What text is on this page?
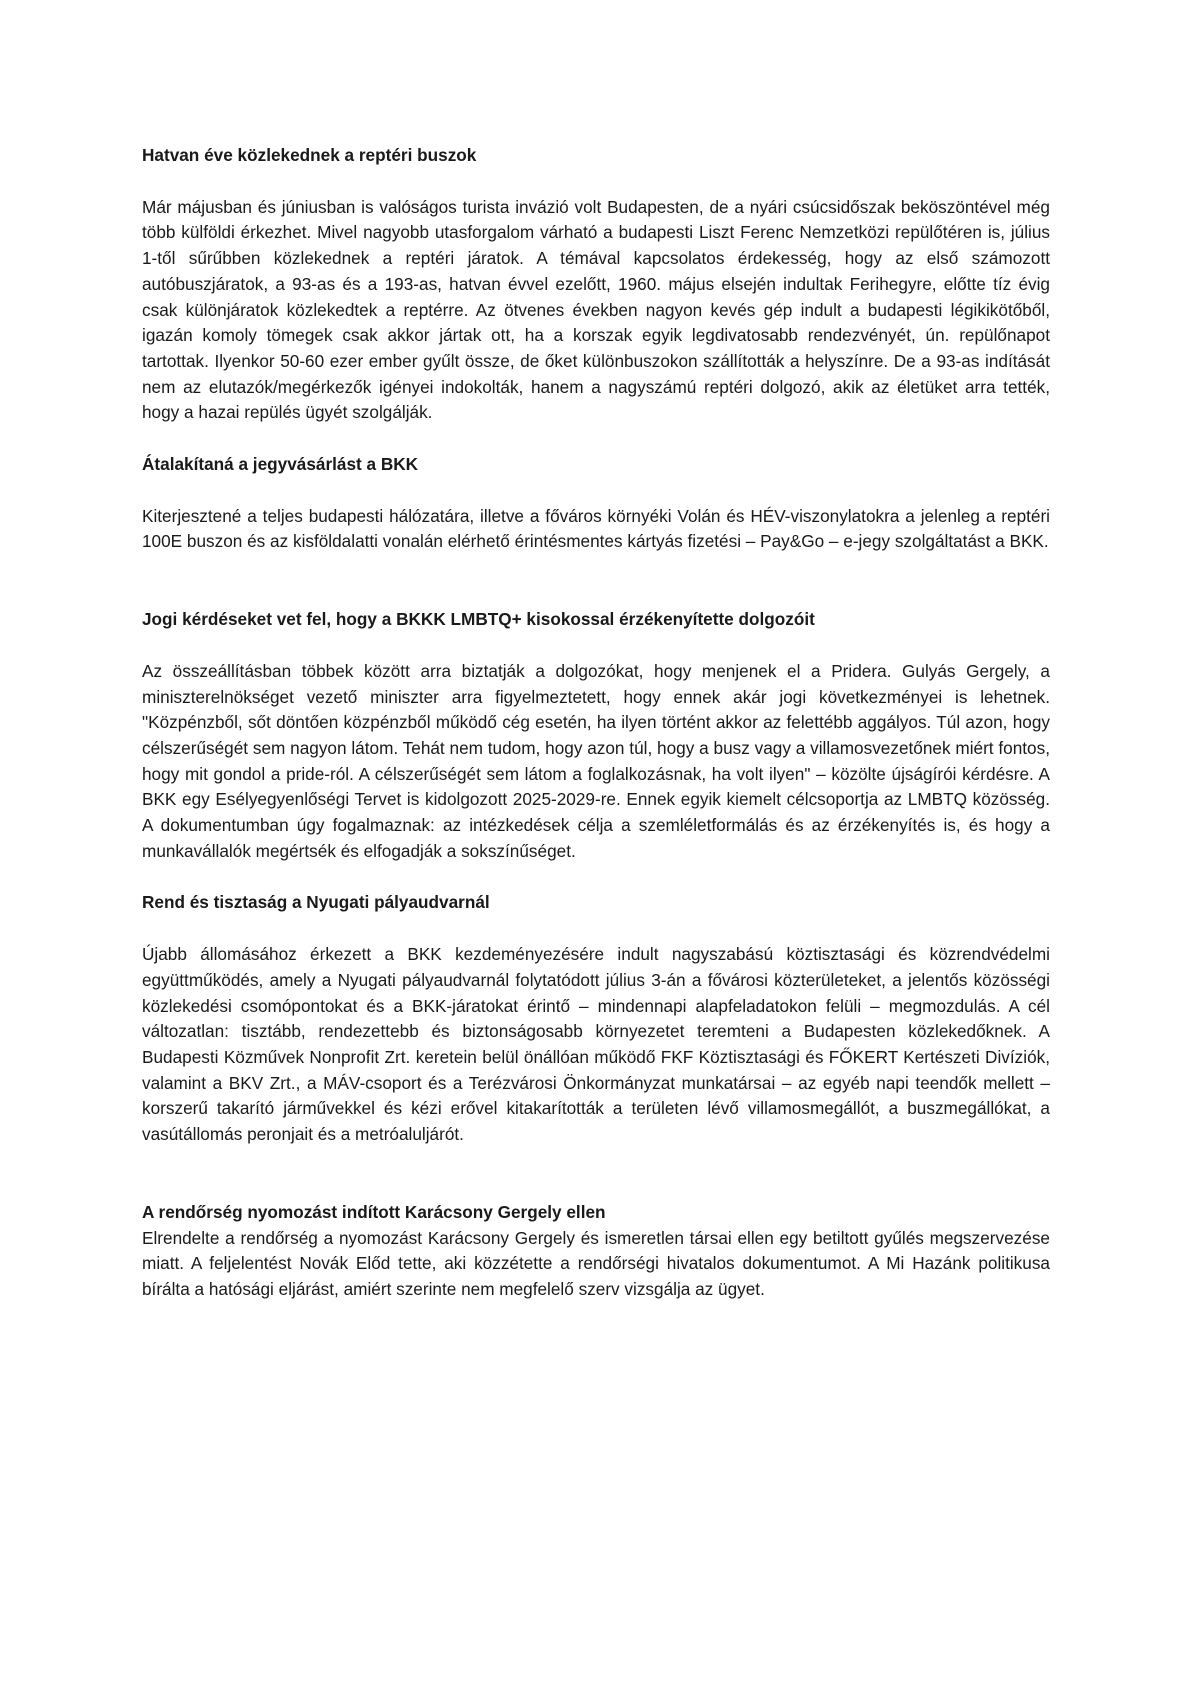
Hatvan éve közlekednek a reptéri buszok

Már májusban és júniusban is valóságos turista invázió volt Budapesten, de a nyári csúcsidőszak beköszöntével még több külföldi érkezhet. Mivel nagyobb utasforgalom várható a budapesti Liszt Ferenc Nemzetközi repülőtéren is, július 1-től sűrűbben közlekednek a reptéri járatok. A témával kapcsolatos érdekesség, hogy az első számozott autóbuszjáratok, a 93-as és a 193-as, hatvan évvel ezelőtt, 1960. május elsején indultak Ferihegyre, előtte tíz évig csak különjáratok közlekedtek a reptérre. Az ötvenes években nagyon kevés gép indult a budapesti légikikötőből, igazán komoly tömegek csak akkor jártak ott, ha a korszak egyik legdivatosabb rendezvényét, ún. repülőnapot tartottak. Ilyenkor 50-60 ezer ember gyűlt össze, de őket különbuszokon szállították a helyszínre. De a 93-as indítását nem az elutazók/megérkezők igényei indokolták, hanem a nagyszámú reptéri dolgozó, akik az életüket arra tették, hogy a hazai repülés ügyét szolgálják.

Átalakítaná a jegyvásárlást a BKK

Kiterjesztené a teljes budapesti hálózatára, illetve a főváros környéki Volán és HÉV-viszonylatokra a jelenleg a reptéri 100E buszon és az kisföldalatti vonalán elérhető érintésmentes kártyás fizetési – Pay&Go – e-jegy szolgáltatást a BKK.

Jogi kérdéseket vet fel, hogy a BKKK LMBTQ+ kisokossal érzékenyítette dolgozóit

Az összeállításban többek között arra biztatják a dolgozókat, hogy menjenek el a Pridera. Gulyás Gergely, a miniszterelnökséget vezető miniszter arra figyelmeztetett, hogy ennek akár jogi következményei is lehetnek. "Közpénzből, sőt döntően közpénzből működő cég esetén, ha ilyen történt akkor az felettébb aggályos. Túl azon, hogy célszerűségét sem nagyon látom. Tehát nem tudom, hogy azon túl, hogy a busz vagy a villamosvezetőnek miért fontos, hogy mit gondol a pride-ról. A célszerűségét sem látom a foglalkozásnak, ha volt ilyen" – közölte újságírói kérdésre. A BKK egy Esélyegyenlőségi Tervet is kidolgozott 2025-2029-re. Ennek egyik kiemelt célcsoportja az LMBTQ közösség. A dokumentumban úgy fogalmaznak: az intézkedések célja a szemléletformálás és az érzékenyítés is, és hogy a munkavállalók megértsék és elfogadják a sokszínűséget.

Rend és tisztaság a Nyugati pályaudvarnál

Újabb állomásához érkezett a BKK kezdeményezésére indult nagyszabású köztisztasági és közrendvédelmi együttműködés, amely a Nyugati pályaudvarnál folytatódott július 3-án a fővárosi közterületeket, a jelentős közösségi közlekedési csomópontokat és a BKK-járatokat érintő – mindennapi alapfeladatokon felüli – megmozdulás. A cél változatlan: tisztább, rendezettebb és biztonságosabb környezetet teremteni a Budapesten közlekedőknek. A Budapesti Közművek Nonprofit Zrt. keretein belül önállóan működő FKF Köztisztasági és FŐKERT Kertészeti Divíziók, valamint a BKV Zrt., a MÁV-csoport és a Terézvárosi Önkormányzat munkatársai – az egyéb napi teendők mellett – korszerű takarító járművekkel és kézi erővel kitakarították a területen lévő villamosmegállót, a buszmegállókat, a vasútállomás peronjait és a metróaluljárót.

A rendőrség nyomozást indított Karácsony Gergely ellen

Elrendelte a rendőrség a nyomozást Karácsony Gergely és ismeretlen társai ellen egy betiltott gyűlés megszervezése miatt. A feljelentést Novák Előd tette, aki közzétette a rendőrségi hivatalos dokumentumot. A Mi Hazánk politikusa bírálta a hatósági eljárást, amiért szerinte nem megfelelő szerv vizsgálja az ügyet.
